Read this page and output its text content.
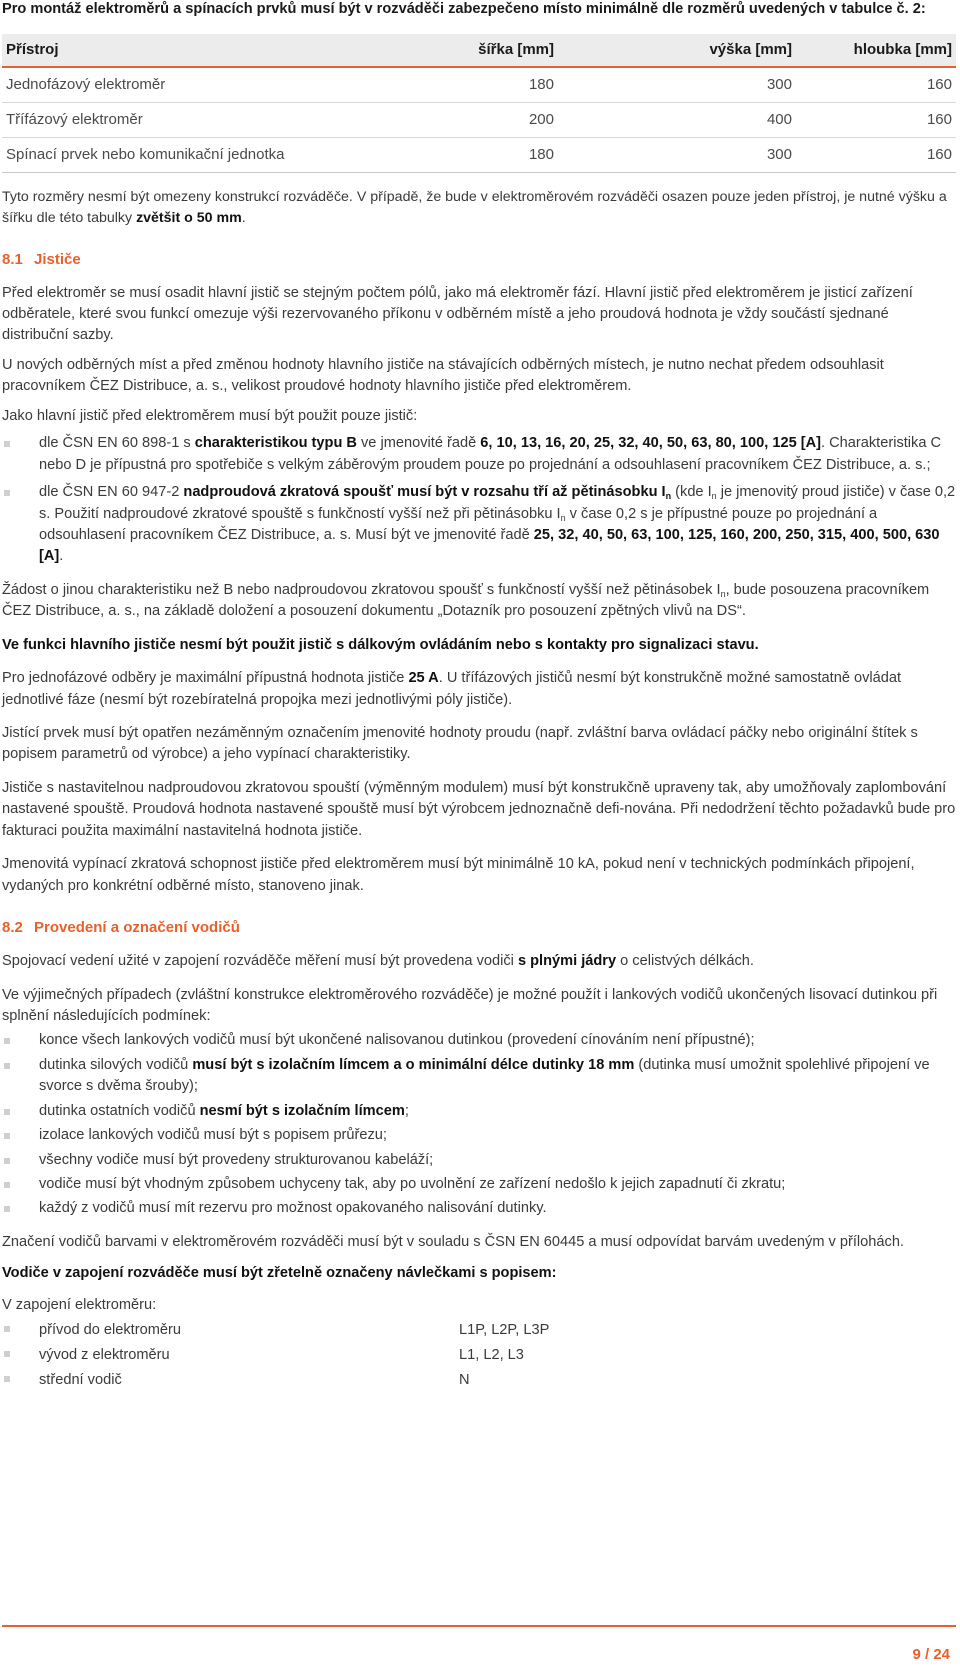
Pro montáž elektroměrů a spínacích prvků musí být v rozváděči zabezpečeno místo minimálně dle rozměrů uvedených v tabulce č. 2:

Přístroj	šířka [mm]	výška [mm]	hloubka [mm]
Jednofázový elektroměr	180	300	160
Třífázový elektroměr	200	400	160
Spínací prvek nebo komunikační jednotka	180	300	160

Tyto rozměry nesmí být omezeny konstrukcí rozváděče. V případě, že bude v elektroměrovém rozváděči osazen pouze jeden přístroj, je nutné výšku a šířku dle této tabulky zvětšit o 50 mm.

8.1 Jističe

Před elektroměr se musí osadit hlavní jistič se stejným počtem pólů, jako má elektroměr fází. Hlavní jistič před elektroměrem je jisticí zařízení odběratele, které svou funkcí omezuje výši rezervovaného příkonu v odběrném místě a jeho proudová hodnota je vždy součástí sjednané distribuční sazby.

U nových odběrných míst a před změnou hodnoty hlavního jističe na stávajících odběrných místech, je nutno nechat předem odsouhlasit pracovníkem ČEZ Distribuce, a. s., velikost proudové hodnoty hlavního jističe před elektroměrem.

Jako hlavní jistič před elektroměrem musí být použit pouze jistič:

dle ČSN EN 60 898-1 s charakteristikou typu B ve jmenovité řadě 6, 10, 13, 16, 20, 25, 32, 40, 50, 63, 80, 100, 125 [A]. Charakteristika C nebo D je přípustná pro spotřebiče s velkým záběrovým proudem pouze po projednání a odsouhlasení pracovníkem ČEZ Distribuce, a. s.;
dle ČSN EN 60 947-2 nadproudová zkratová spoušť musí být v rozsahu tří až pětinásobku $I_n$ (kde $I_n$ je jmenovitý proud jističe) v čase 0,2 s. Použití nadproudové zkratové spouště s funkčností vyšší než při pětinásobku $I_n$ v čase 0,2 s je přípustné pouze po projednání a odsouhlasení pracovníkem ČEZ Distribuce, a. s. Musí být ve jmenovité řadě 25, 32, 40, 50, 63, 100, 125, 160, 200, 250, 315, 400, 500, 630 [A].

Žádost o jinou charakteristiku než B nebo nadproudovou zkratovou spoušť s funkčností vyšší než pětinásobek $I_n$, bude posouzena pracovníkem ČEZ Distribuce, a. s., na základě doložení a posouzení dokumentu „Dotazník pro posouzení zpětných vlivů na DS“.

Ve funkci hlavního jističe nesmí být použit jistič s dálkovým ovládáním nebo s kontakty pro signalizaci stavu.

Pro jednofázové odběry je maximální přípustná hodnota jističe 25 A. U třífázových jističů nesmí být konstrukčně možné samostatně ovládat jednotlivé fáze (nesmí být rozebíratelná propojka mezi jednotlivými póly jističe).

Jistící prvek musí být opatřen nezáměnným označením jmenovité hodnoty proudu (např. zvláštní barva ovládací páčky nebo originální štítek s popisem parametrů od výrobce) a jeho vypínací charakteristiky.

Jističe s nastavitelnou nadproudovou zkratovou spouští (výměnným modulem) musí být konstrukčně upraveny tak, aby umožňovaly zaplombování nastavené spouště. Proudová hodnota nastavené spouště musí být výrobcem jednoznačně defi-nována. Při nedodržení těchto požadavků bude pro fakturaci použita maximální nastavitelná hodnota jističe.

Jmenovitá vypínací zkratová schopnost jističe před elektroměrem musí být minimálně 10 kA, pokud není v technických podmínkách připojení, vydaných pro konkrétní odběrné místo, stanoveno jinak.

8.2 Provedení a označení vodičů

Spojovací vedení užité v zapojení rozváděče měření musí být provedena vodiči s plnými jádry o celistvých délkách.

Ve výjimečných případech (zvláštní konstrukce elektroměrového rozváděče) je možné použít i lankových vodičů ukončených lisovací dutinkou při splnění následujících podmínek:

konce všech lankových vodičů musí být ukončené nalisovanou dutinkou (provedení cínováním není přípustné);
dutinka silových vodičů musí být s izolačním límcem a o minimální délce dutinky 18 mm (dutinka musí umožnit spolehlivé připojení ve svorce s dvěma šrouby);
dutinka ostatních vodičů nesmí být s izolačním límcem;
izolace lankových vodičů musí být s popisem průřezu;
všechny vodiče musí být provedeny strukturovanou kabeláží;
vodiče musí být vhodným způsobem uchyceny tak, aby po uvolnění ze zařízení nedošlo k jejich zapadnutí či zkratu;
každý z vodičů musí mít rezervu pro možnost opakovaného nalisování dutinky.

Značení vodičů barvami v elektroměrovém rozváděči musí být v souladu s ČSN EN 60445 a musí odpovídat barvám uvedeným v přílohách.

Vodiče v zapojení rozváděče musí být zřetelně označeny návlečkami s popisem:

V zapojení elektroměru:

přívod do elektroměru	L1P, L2P, L3P
vývod z elektroměru	L1, L2, L3
střední vodič	N
9 / 24
